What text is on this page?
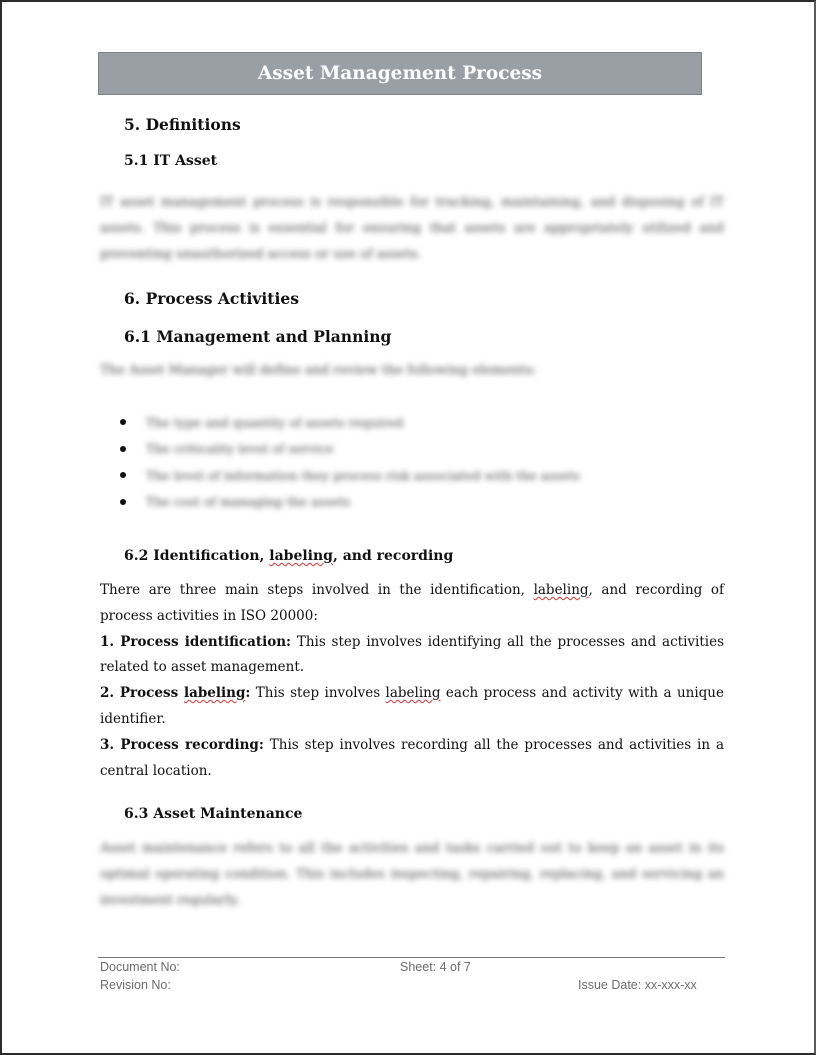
Asset Management Process
5. Definitions
5.1 IT Asset
IT asset management process is responsible for tracking, maintaining, and disposing of IT assets. This process is essential for ensuring that assets are appropriately utilized and preventing unauthorized access or use of assets.
6. Process Activities
6.1 Management and Planning
The Asset Manager will define and review the following elements:
The type and quantity of assets required
The criticality level of service
The level of information they process risk associated with the assets
The cost of managing the assets
6.2 Identification, labeling, and recording
There are three main steps involved in the identification, labeling, and recording of process activities in ISO 20000:
1. Process identification: This step involves identifying all the processes and activities related to asset management.
2. Process labeling: This step involves labeling each process and activity with a unique identifier.
3. Process recording: This step involves recording all the processes and activities in a central location.
6.3 Asset Maintenance
Asset maintenance refers to all the activities and tasks carried out to keep an asset in its optimal operating condition. This includes inspecting, repairing, replacing, and servicing an investment regularly.
Document No:
Revision No:
Sheet: 4 of 7
Issue Date: xx-xxx-xx
